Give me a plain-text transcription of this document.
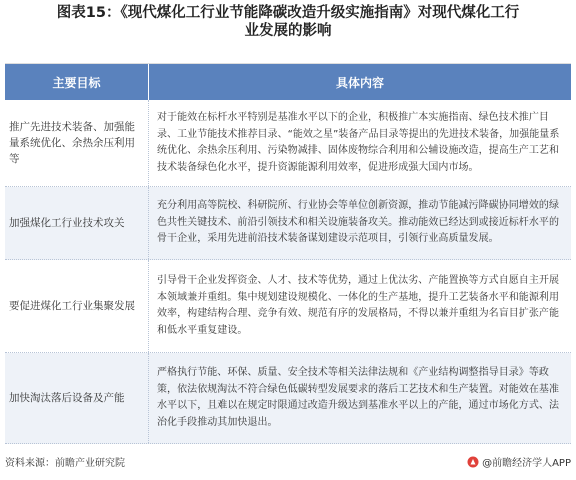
图表15：《现代煤化工行业节能降碳改造升级实施指南》对现代煤化工行
业发展的影响
主要目标	具体内容
推广先进技术装备、加强能量系统优化、余热余压利用等
对于能效在标杆水平特别是基准水平以下的企业，积极推广本实施指南、绿色技术推广目录、工业节能技术推荐目录、“能效之星”装备产品目录等提出的先进技术装备，加强能量系统优化、余热余压利用、污染物减排、固体废物综合利用和公辅设施改造，提高生产工艺和技术装备绿色化水平，提升资源能源利用效率，促进形成强大国内市场。
加强煤化工行业技术攻关
充分利用高等院校、科研院所、行业协会等单位创新资源，推动节能减污降碳协同增效的绿色共性关键技术、前沿引领技术和相关设施装备攻关。推动能效已经达到或接近标杆水平的骨干企业，采用先进前沿技术装备谋划建设示范项目，引领行业高质量发展。
要促进煤化工行业集聚发展
引导骨干企业发挥资金、人才、技术等优势，通过上优汰劣、产能置换等方式自愿自主开展本领域兼并重组。集中规划建设规模化、一体化的生产基地，提升工艺装备水平和能源利用效率，构建结构合理、竞争有效、规范有序的发展格局，不得以兼并重组为名盲目扩张产能和低水平重复建设。
加快淘汰落后设备及产能
严格执行节能、环保、质量、安全技术等相关法律法规和《产业结构调整指导目录》等政策，依法依规淘汰不符合绿色低碳转型发展要求的落后工艺技术和生产装置。对能效在基准水平以下，且难以在规定时限通过改造升级达到基准水平以上的产能，通过市场化方式、法治化手段推动其加快退出。
资料来源：前瞻产业研究院	@前瞻经济学人APP
